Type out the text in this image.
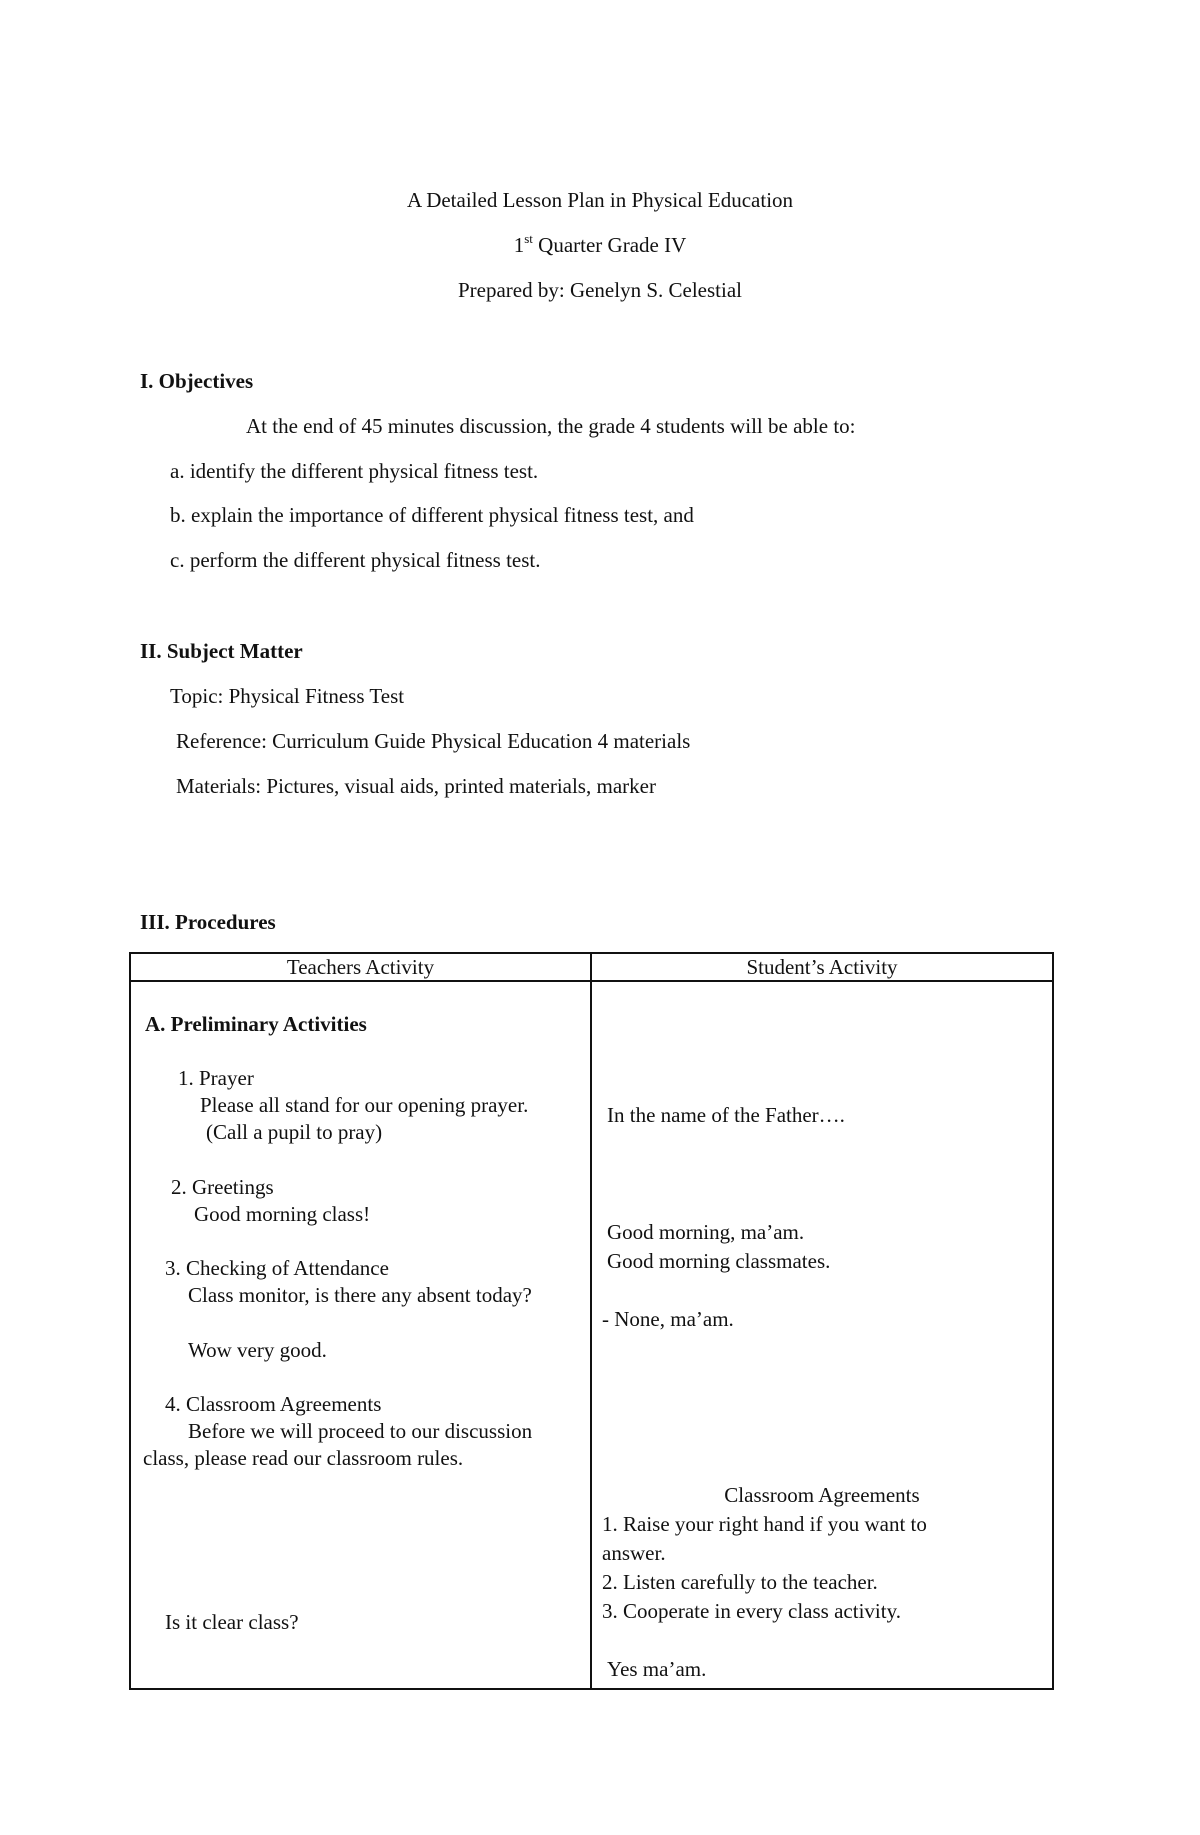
A Detailed Lesson Plan in Physical Education
1st Quarter Grade IV
Prepared by: Genelyn S. Celestial
I. Objectives
At the end of 45 minutes discussion, the grade 4 students will be able to:
a. identify the different physical fitness test.
b. explain the importance of different physical fitness test, and
c. perform the different physical fitness test.
II. Subject Matter
Topic: Physical Fitness Test
Reference: Curriculum Guide Physical Education 4 materials
Materials: Pictures, visual aids, printed materials, marker
III. Procedures
Teachers Activity	Student’s Activity
A. Preliminary Activities
1. Prayer
Please all stand for our opening prayer.
(Call a pupil to pray)
2. Greetings
Good morning class!
3. Checking of Attendance
Class monitor, is there any absent today?
Wow very good.
4. Classroom Agreements
Before we will proceed to our discussion
class, please read our classroom rules.
Is it clear class?
In the name of the Father….
Good morning, ma’am.
Good morning classmates.
- None, ma’am.
Classroom Agreements
1. Raise your right hand if you want to
answer.
2. Listen carefully to the teacher.
3. Cooperate in every class activity.
Yes ma’am.
